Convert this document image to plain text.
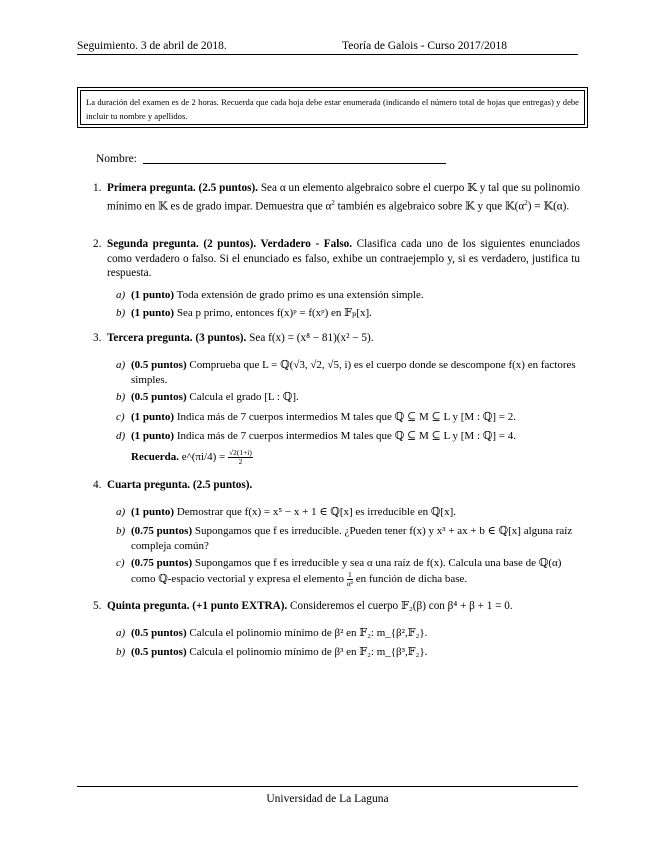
Seguimiento. 3 de abril de 2018.	Teoría de Galois - Curso 2017/2018
La duración del examen es de 2 horas. Recuerda que cada hoja debe estar enumerada (indicando el número total de hojas que entregas) y debe incluir tu nombre y apellidos.
Nombre:
1. Primera pregunta. (2.5 puntos). Sea α un elemento algebraico sobre el cuerpo 𝕂 y tal que su polinomio mínimo en 𝕂 es de grado impar. Demuestra que $\alpha^2$ también es algebraico sobre 𝕂 y que $𝕂(\alpha^2)$ = 𝕂(α).
2. Segunda pregunta. (2 puntos). Verdadero - Falso. Clasifica cada uno de los siguientes enunciados como verdadero o falso. Si el enunciado es falso, exhibe un contraejemplo y, si es verdadero, justifica tu respuesta.
a) (1 punto) Toda extensión de grado primo es una extensión simple.
b) (1 punto) Sea p primo, entonces f(x)ᵖ = f(xᵖ) en 𝔽ₚ[x].
3. Tercera pregunta. (3 puntos). Sea f(x) = (x⁸ − 81)(x² − 5).
a) (0.5 puntos) Comprueba que L = ℚ(√3, √2, √5, i) es el cuerpo donde se descompone f(x) en factores simples.
b) (0.5 puntos) Calcula el grado [L : ℚ].
c) (1 punto) Indica más de 7 cuerpos intermedios M tales que ℚ ⊆ M ⊆ L y [M : ℚ] = 2.
d) (1 punto) Indica más de 7 cuerpos intermedios M tales que ℚ ⊆ M ⊆ L y [M : ℚ] = 4.
Recuerda. e^(πi/4) = $\frac{√2(1+i)}{2}$
4. Cuarta pregunta. (2.5 puntos).
a) (1 punto) Demostrar que f(x) = x⁵ − x + 1 ∈ ℚ[x] es irreducible en ℚ[x].
b) (0.75 puntos) Supongamos que f es irreducible. ¿Pueden tener f(x) y x³ + ax + b ∈ ℚ[x] alguna raíz compleja común?
c) (0.75 puntos) Supongamos que f es irreducible y sea α una raíz de f(x). Calcula una base de ℚ(α) como ℚ-espacio vectorial y expresa el elemento $\frac{1}{\text{α²}}$ en función de dicha base.
5. Quinta pregunta. (+1 punto EXTRA). Consideremos el cuerpo 𝔽₂(β) con β⁴ + β + 1 = 0.
a) (0.5 puntos) Calcula el polinomio mínimo de β² en 𝔽₂: m_{β²,𝔽₂}.
b) (0.5 puntos) Calcula el polinomio mínimo de β³ en 𝔽₂: m_{β³,𝔽₂}.
Universidad de La Laguna
